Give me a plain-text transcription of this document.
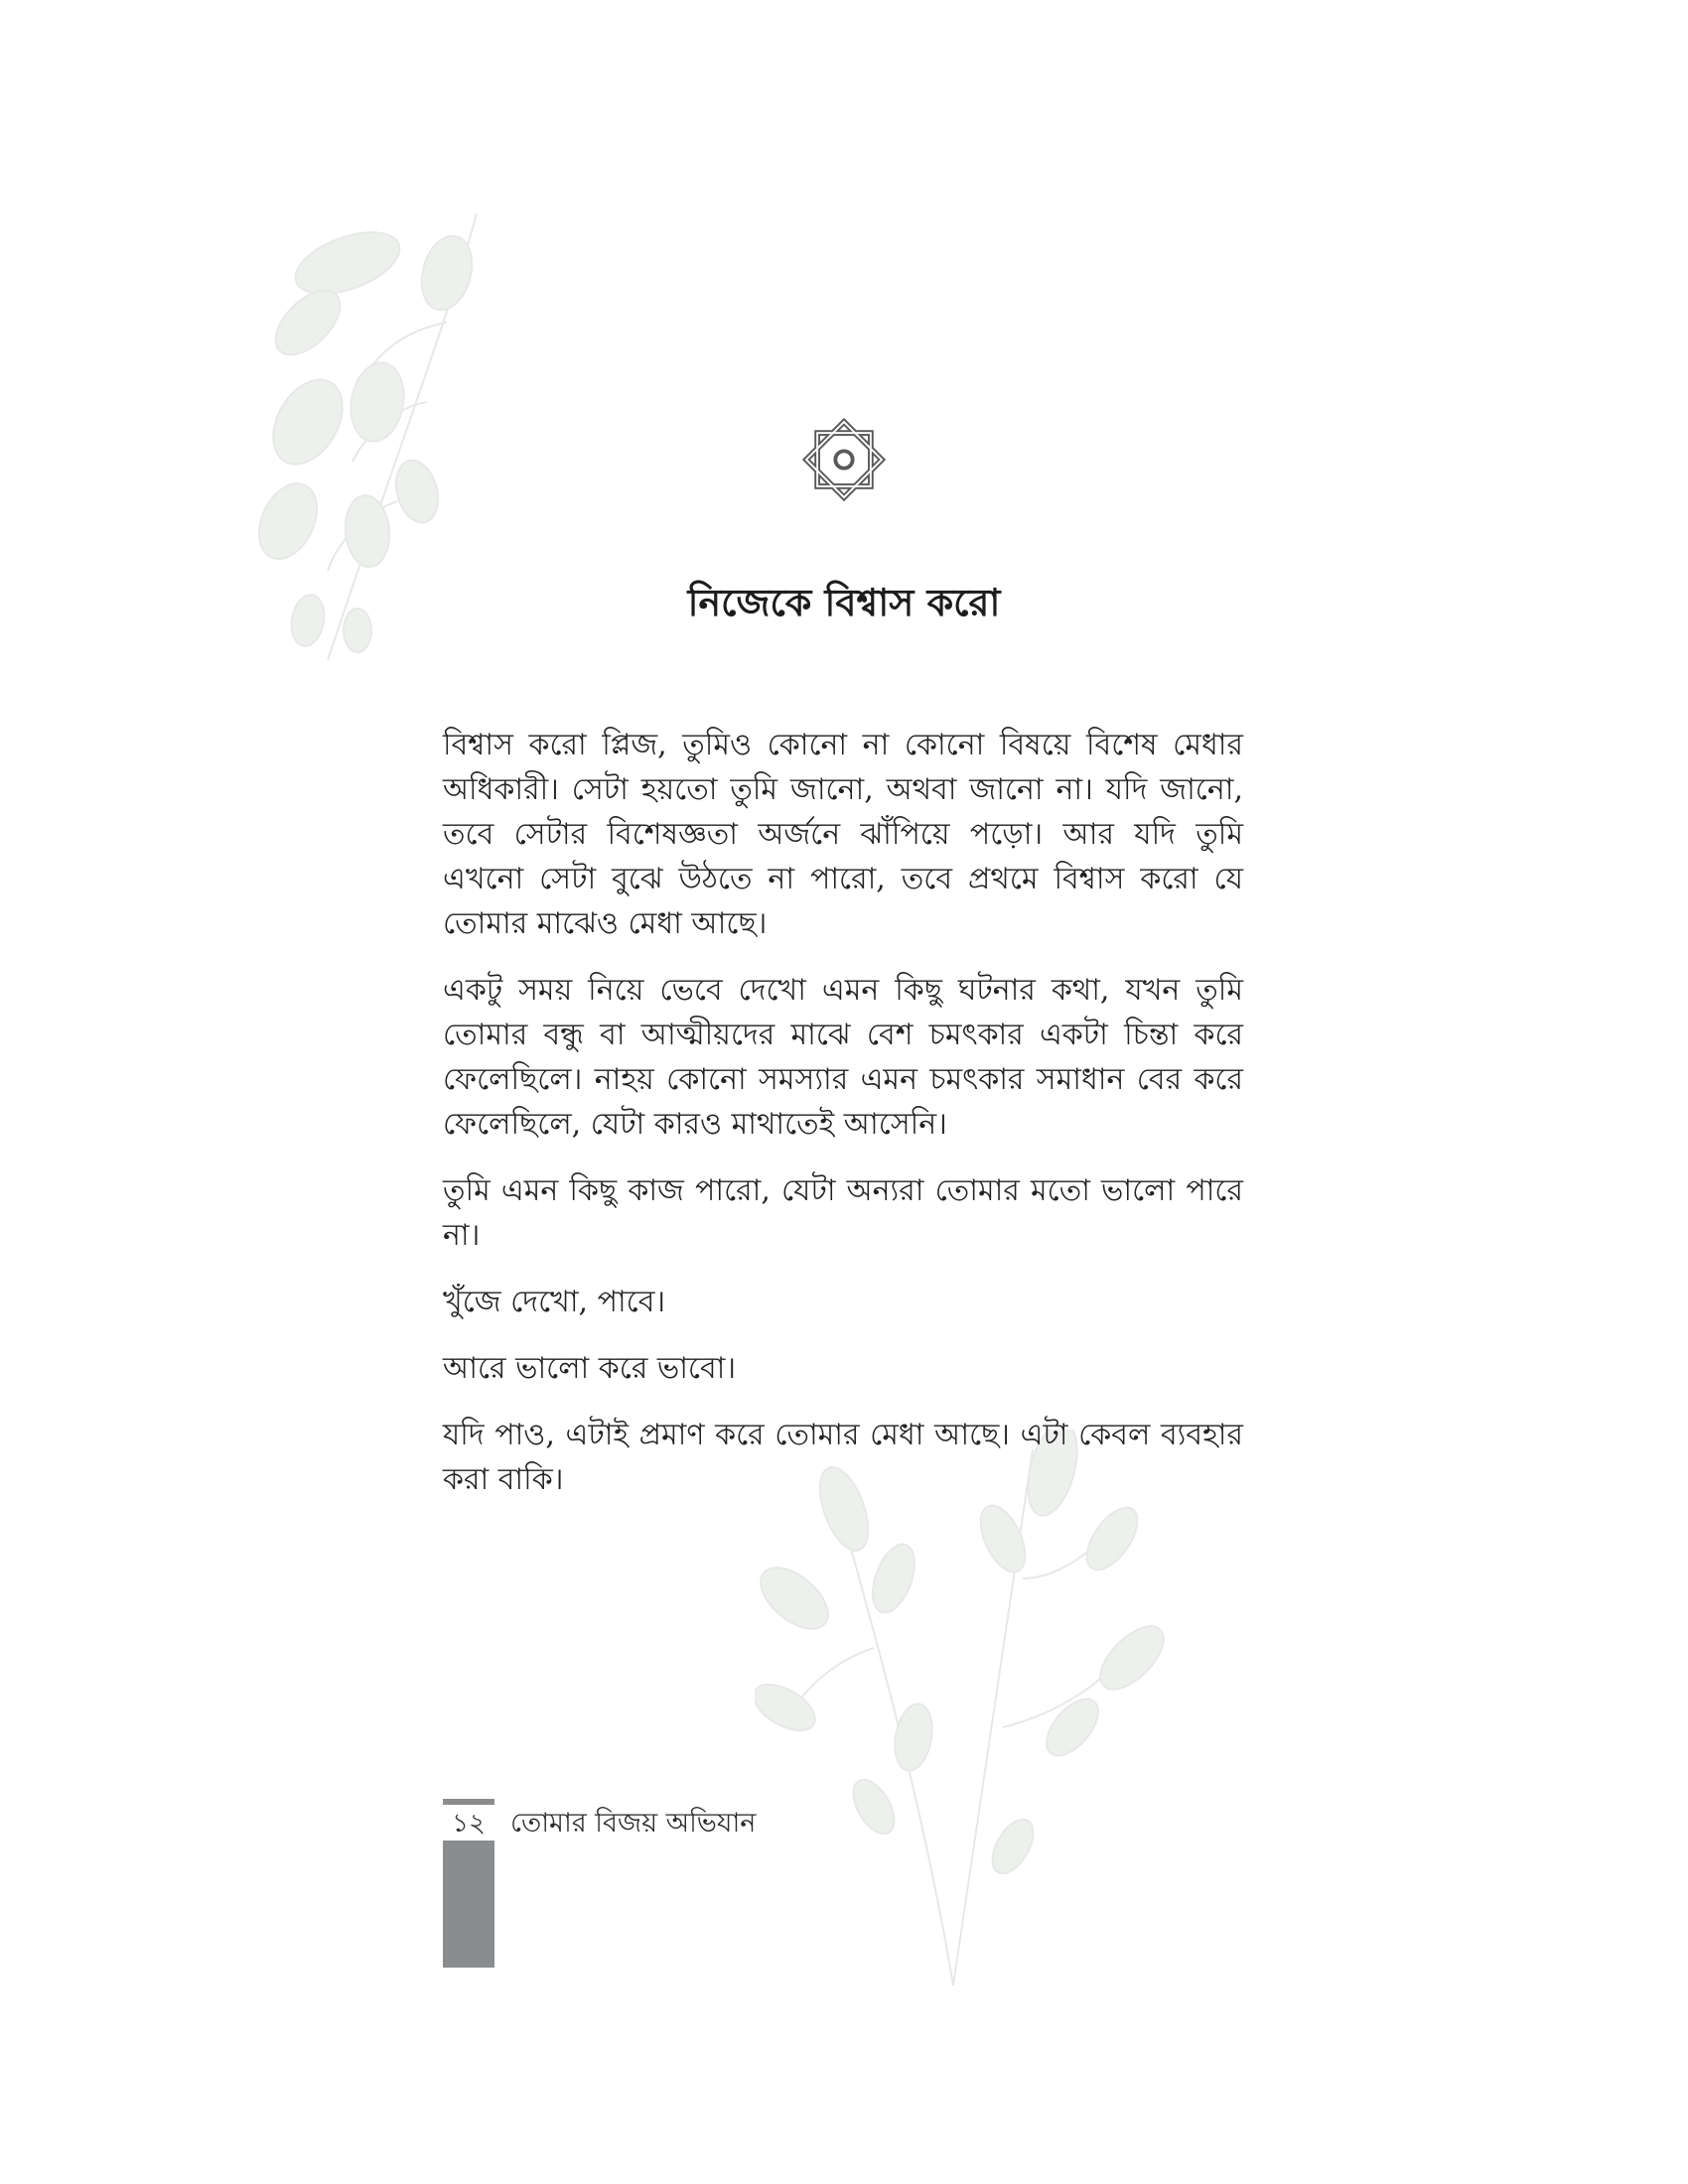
নিজেকে বিশ্বাস করো

বিশ্বাস করো প্লিজ, তুমিও কোনো না কোনো বিষয়ে বিশেষ মেধার অধিকারী। সেটা হয়তো তুমি জানো, অথবা জানো না। যদি জানো, তবে সেটার বিশেষজ্ঞতা অর্জনে ঝাঁপিয়ে পড়ো। আর যদি তুমি এখনো সেটা বুঝে উঠতে না পারো, তবে প্রথমে বিশ্বাস করো যে তোমার মাঝেও মেধা আছে।

একটু সময় নিয়ে ভেবে দেখো এমন কিছু ঘটনার কথা, যখন তুমি তোমার বন্ধু বা আত্মীয়দের মাঝে বেশ চমৎকার একটা চিন্তা করে ফেলেছিলে। নাহয় কোনো সমস্যার এমন চমৎকার সমাধান বের করে ফেলেছিলে, যেটা কারও মাথাতেই আসেনি।

তুমি এমন কিছু কাজ পারো, যেটা অন্যরা তোমার মতো ভালো পারে না।

খুঁজে দেখো, পাবে।

আরে ভালো করে ভাবো।

যদি পাও, এটাই প্রমাণ করে তোমার মেধা আছে। এটা কেবল ব্যবহার করা বাকি।

১২ তোমার বিজয় অভিযান
